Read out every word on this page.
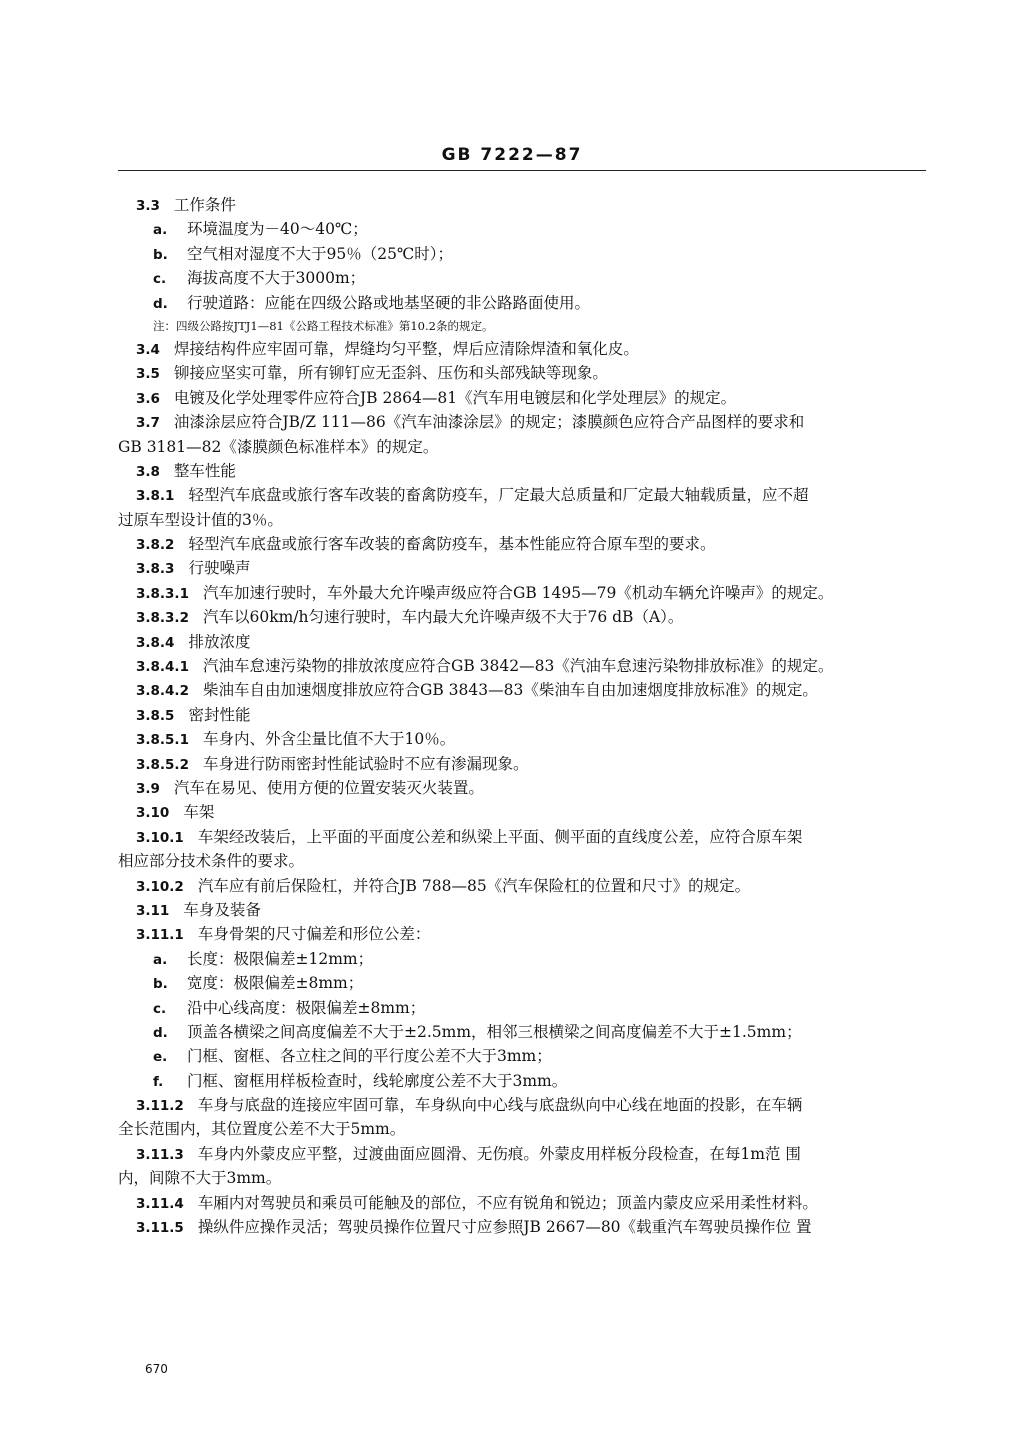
GB 7222—87
3.3 工作条件
a. 环境温度为－40～40℃；
b. 空气相对湿度不大于95％（25℃时）；
c. 海拔高度不大于3000m；
d. 行驶道路：应能在四级公路或地基坚硬的非公路路面使用。
注：四级公路按JTJ1—81《公路工程技术标准》第10.2条的规定。
3.4 焊接结构件应牢固可靠，焊缝均匀平整，焊后应清除焊渣和氧化皮。
3.5 铆接应坚实可靠，所有铆钉应无歪斜、压伤和头部残缺等现象。
3.6 电镀及化学处理零件应符合JB 2864—81《汽车用电镀层和化学处理层》的规定。
3.7 油漆涂层应符合JB/Z 111—86《汽车油漆涂层》的规定；漆膜颜色应符合产品图样的要求和
GB 3181—82《漆膜颜色标准样本》的规定。
3.8 整车性能
3.8.1 轻型汽车底盘或旅行客车改装的畜禽防疫车，厂定最大总质量和厂定最大轴载质量，应不超
过原车型设计值的3％。
3.8.2 轻型汽车底盘或旅行客车改装的畜禽防疫车，基本性能应符合原车型的要求。
3.8.3 行驶噪声
3.8.3.1 汽车加速行驶时，车外最大允许噪声级应符合GB 1495—79《机动车辆允许噪声》的规定。
3.8.3.2 汽车以60km/h匀速行驶时，车内最大允许噪声级不大于76 dB（A）。
3.8.4 排放浓度
3.8.4.1 汽油车怠速污染物的排放浓度应符合GB 3842—83《汽油车怠速污染物排放标准》的规定。
3.8.4.2 柴油车自由加速烟度排放应符合GB 3843—83《柴油车自由加速烟度排放标准》的规定。
3.8.5 密封性能
3.8.5.1 车身内、外含尘量比值不大于10％。
3.8.5.2 车身进行防雨密封性能试验时不应有渗漏现象。
3.9 汽车在易见、使用方便的位置安装灭火装置。
3.10 车架
3.10.1 车架经改装后，上平面的平面度公差和纵梁上平面、侧平面的直线度公差，应符合原车架
相应部分技术条件的要求。
3.10.2 汽车应有前后保险杠，并符合JB 788—85《汽车保险杠的位置和尺寸》的规定。
3.11 车身及装备
3.11.1 车身骨架的尺寸偏差和形位公差：
a. 长度：极限偏差±12mm；
b. 宽度：极限偏差±8mm；
c. 沿中心线高度：极限偏差±8mm；
d. 顶盖各横梁之间高度偏差不大于±2.5mm，相邻三根横梁之间高度偏差不大于±1.5mm；
e. 门框、窗框、各立柱之间的平行度公差不大于3mm；
f. 门框、窗框用样板检查时，线轮廓度公差不大于3mm。
3.11.2 车身与底盘的连接应牢固可靠，车身纵向中心线与底盘纵向中心线在地面的投影，在车辆
全长范围内，其位置度公差不大于5mm。
3.11.3 车身内外蒙皮应平整，过渡曲面应圆滑、无伤痕。外蒙皮用样板分段检查，在每1m范 围
内，间隙不大于3mm。
3.11.4 车厢内对驾驶员和乘员可能触及的部位，不应有锐角和锐边；顶盖内蒙皮应采用柔性材料。
3.11.5 操纵件应操作灵活；驾驶员操作位置尺寸应参照JB 2667—80《载重汽车驾驶员操作位 置
670
